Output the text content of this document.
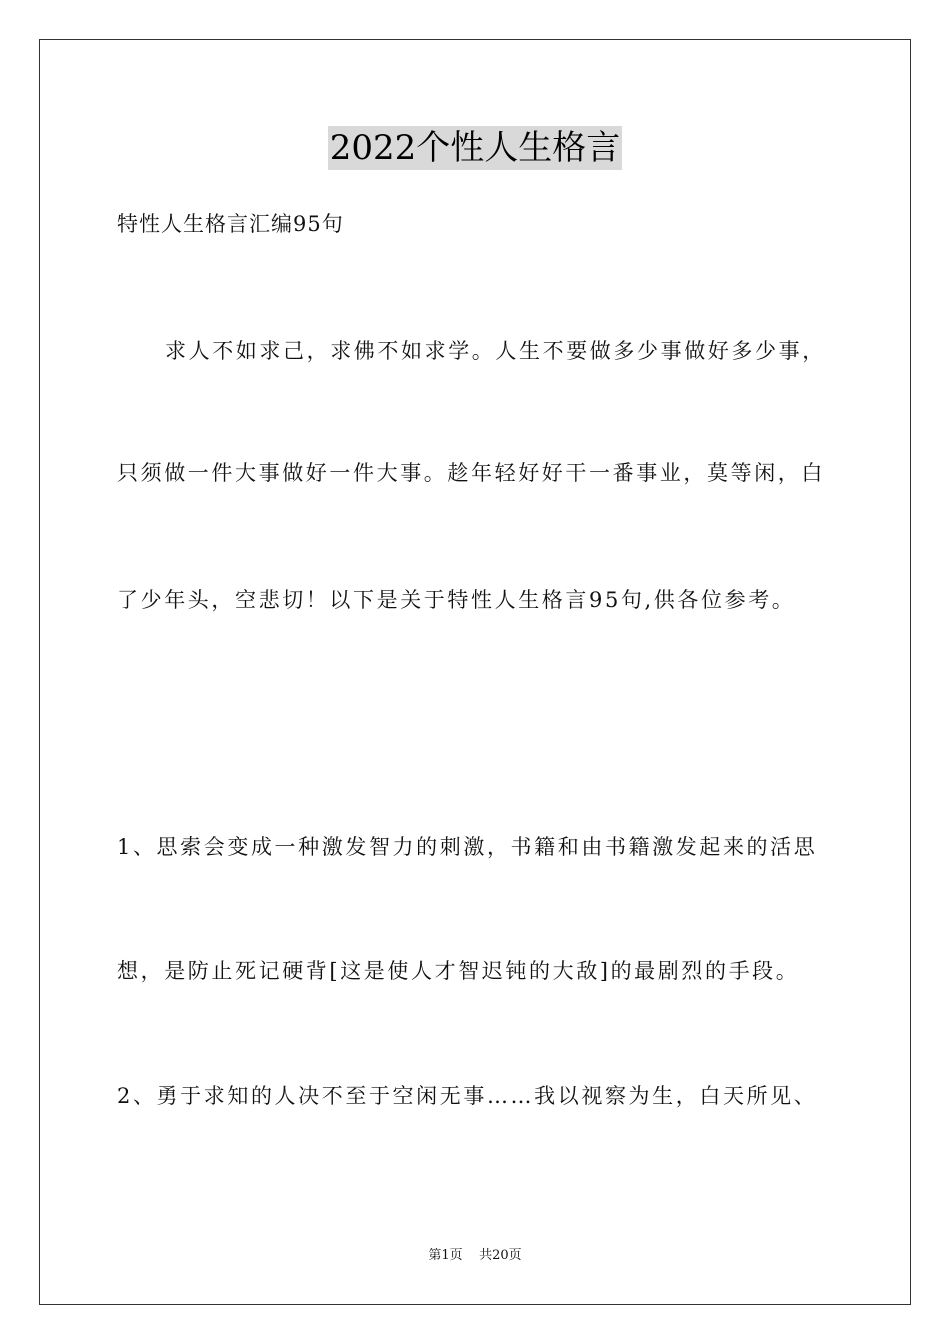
2022个性人生格言
特性人生格言汇编95句
求人不如求己，求佛不如求学。人生不要做多少事做好多少事，
只须做一件大事做好一件大事。趁年轻好好干一番事业，莫等闲，白
了少年头，空悲切！以下是关于特性人生格言95句,供各位参考。
1、思索会变成一种激发智力的刺激，书籍和由书籍激发起来的活思
想，是防止死记硬背[这是使人才智迟钝的大敌]的最剧烈的手段。
2、勇于求知的人决不至于空闲无事……我以视察为生，白天所见、
第1页 共20页
